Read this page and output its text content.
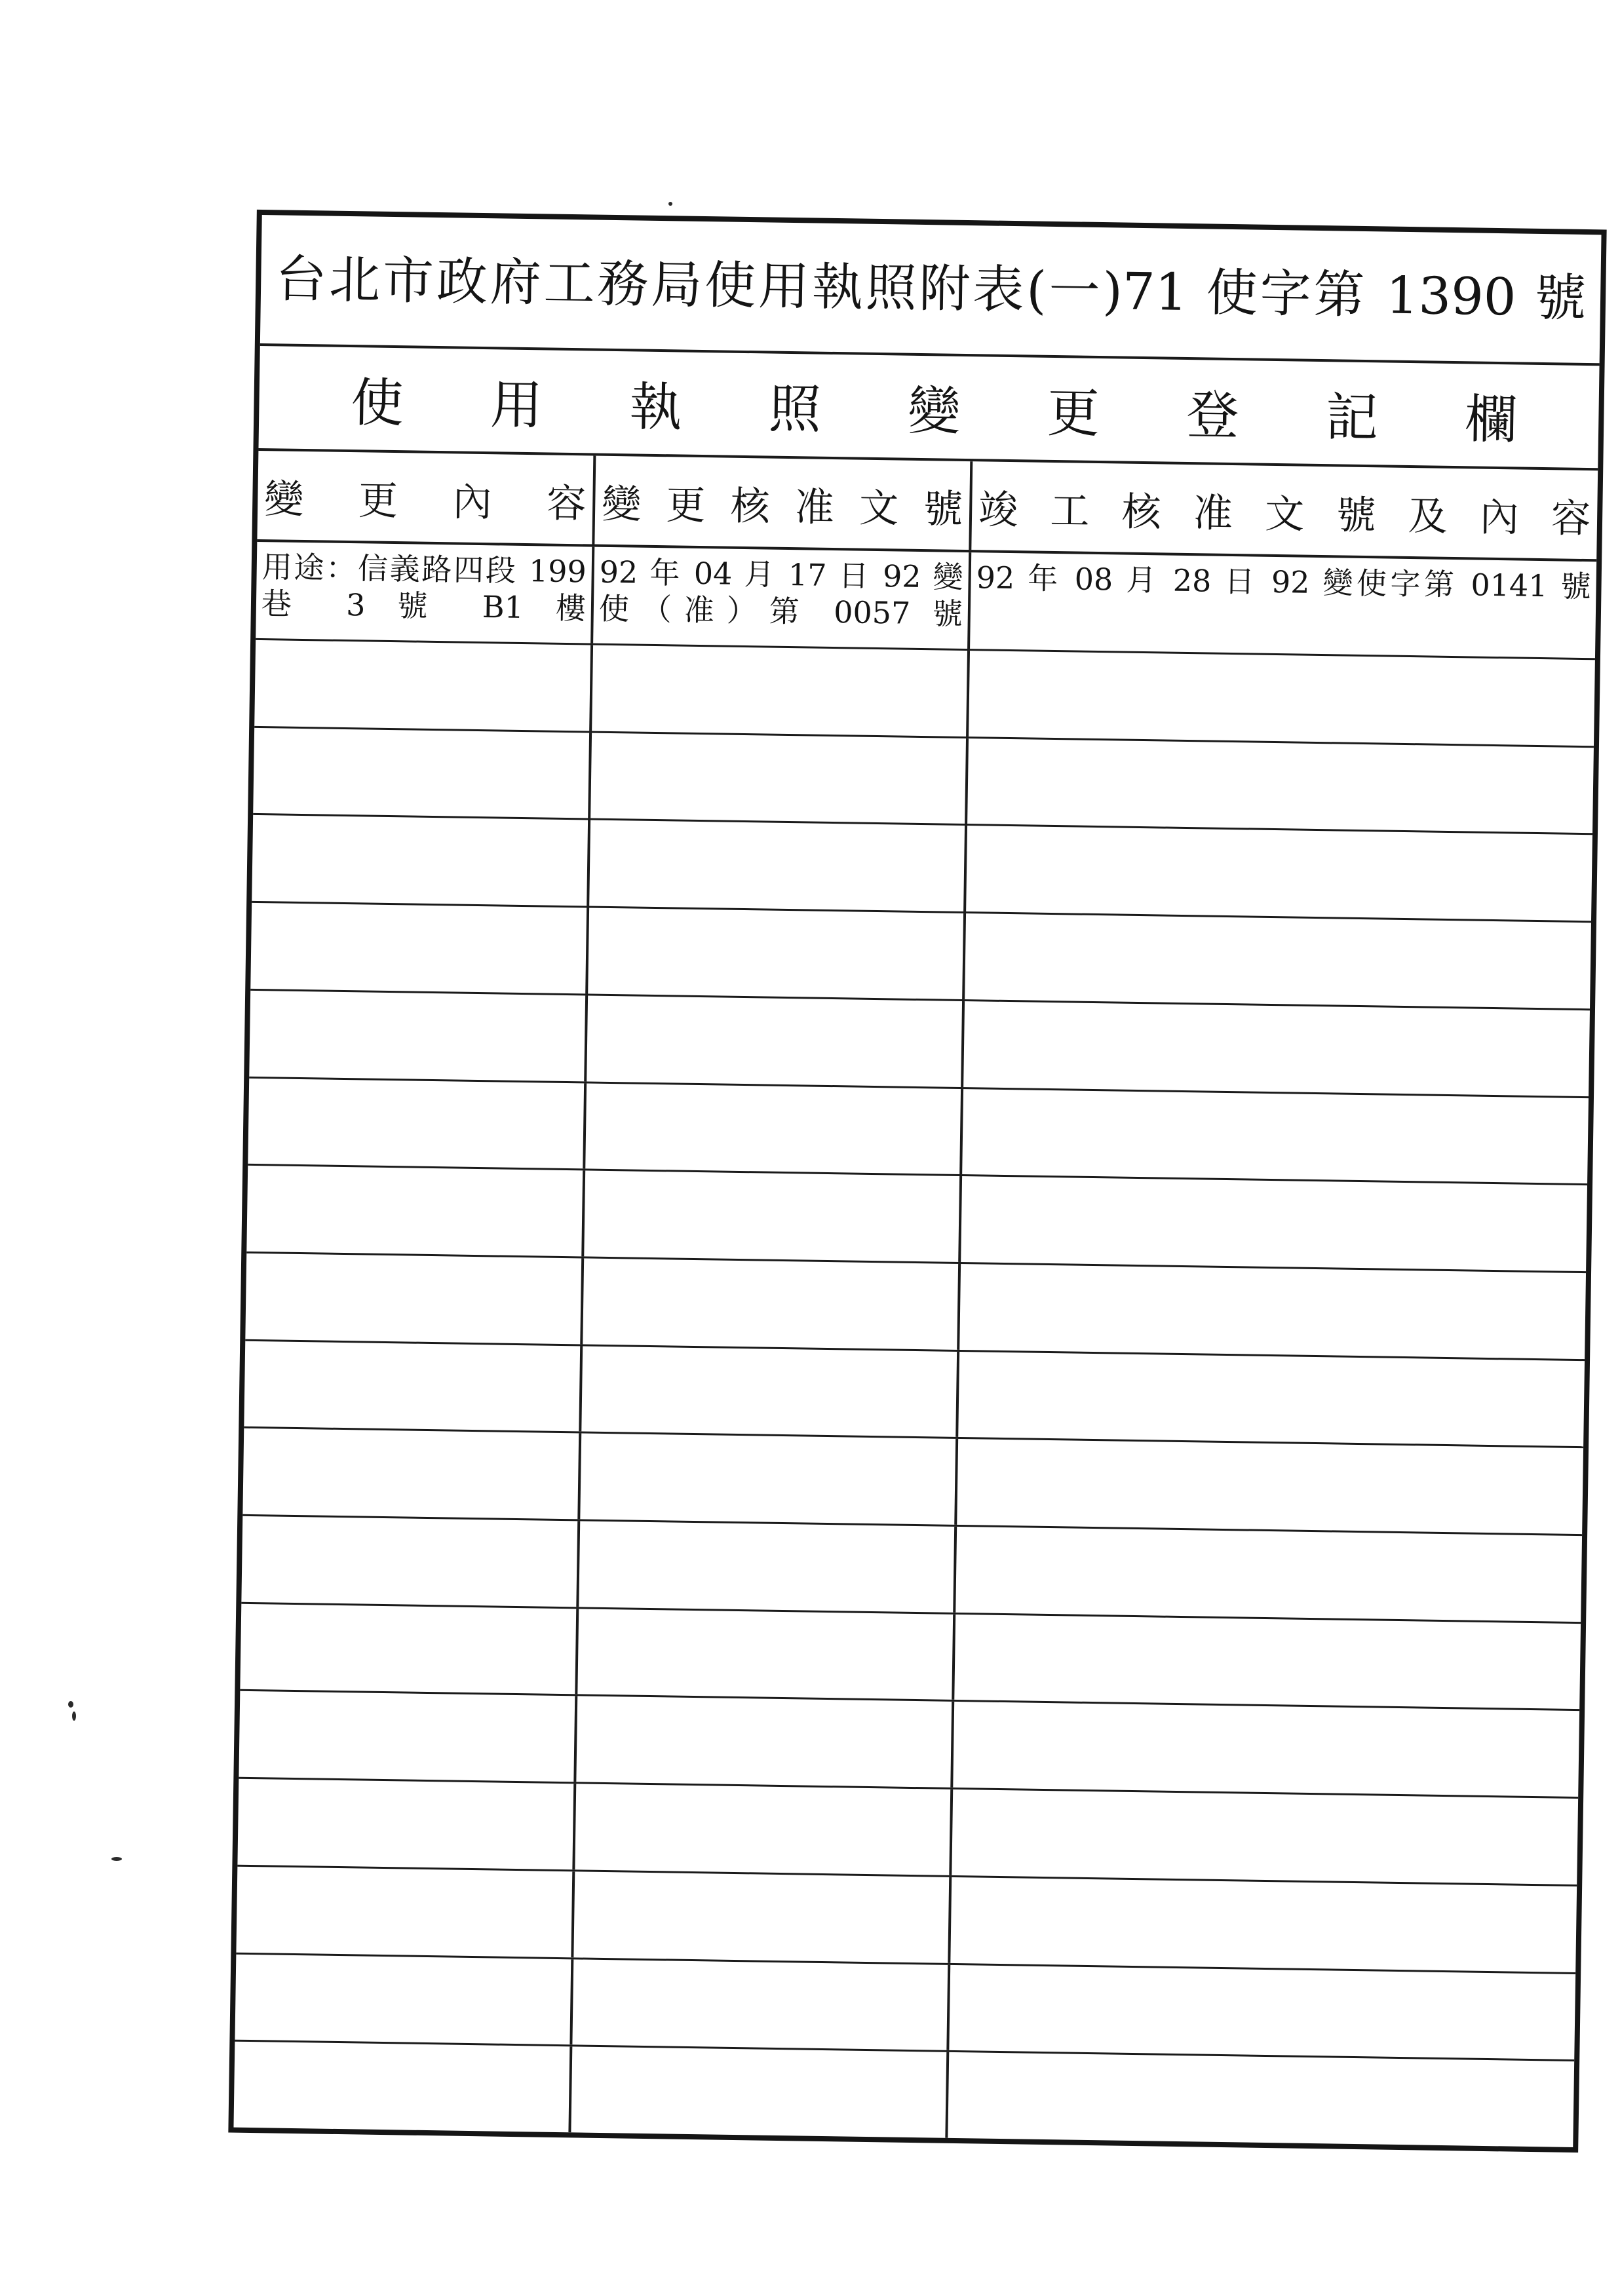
台北市政府工務局使用執照附表(一)71 使字第 1390 號
使 用 執 照 變 更 登 記 欄
變 更 內 容 變更核准文號 竣工核准文號及內容
用途：信義路四段 199
巷 3 號 B1 樓
92 年 04 月 17 日 92 變
使（准）第 0057 號
92 年 08 月 28 日 92 變使字第 0141 號
